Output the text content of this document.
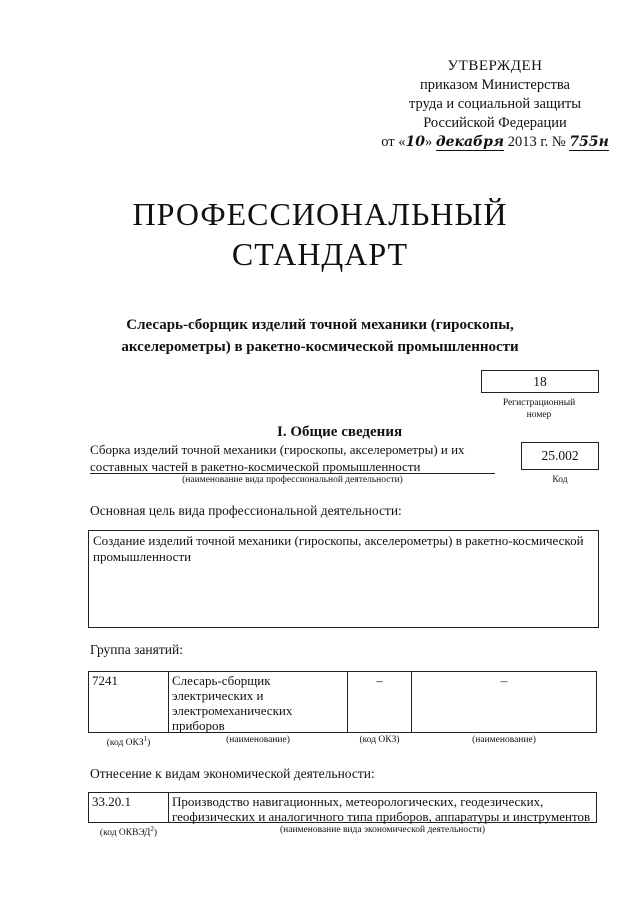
УТВЕРЖДЕН
приказом Министерства
труда и социальной защиты
Российской Федерации
от «10» декабря 2013 г. № 755н
ПРОФЕССИОНАЛЬНЫЙ
СТАНДАРТ
Слесарь-сборщик изделий точной механики (гироскопы,
акселерометры) в ракетно-космической промышленности
18
Регистрационный
номер
I. Общие сведения
Сборка изделий точной механики (гироскопы, акселерометры) и их
составных частей в ракетно-космической промышленности
(наименование вида профессиональной деятельности)
25.002
Код
Основная цель вида профессиональной деятельности:
Создание изделий точной механики (гироскопы, акселерометры) в ракетно-космической
промышленности
Группа занятий:
7241	Слесарь-сборщик
электрических и
электромеханических
приборов
–	–
(код ОКЗ$^1$)	(наименование)	(код ОКЗ)	(наименование)
Отнесение к видам экономической деятельности:
33.20.1	Производство навигационных, метеорологических, геодезических,
геофизических и аналогичного типа приборов, аппаратуры и инструментов
(код ОКВЭД$^2$)	(наименование вида экономической деятельности)
